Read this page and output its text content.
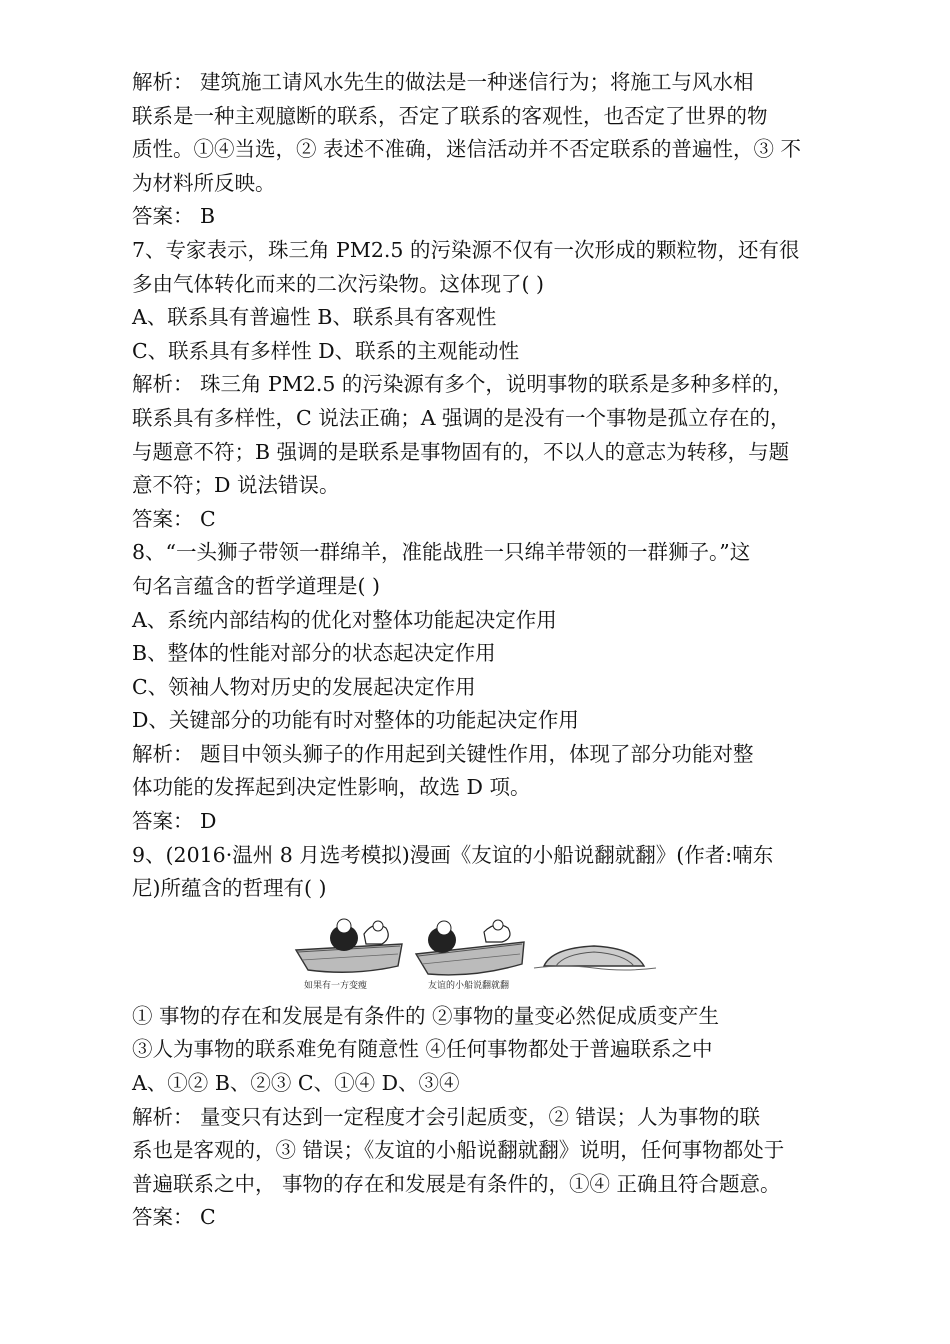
解析： 建筑施工请风水先生的做法是一种迷信行为；将施工与风水相
联系是一种主观臆断的联系，否定了联系的客观性，也否定了世界的物
质性。①④当选，② 表述不准确，迷信活动并不否定联系的普遍性，③ 不
为材料所反映。
答案： B
7、专家表示，珠三角 PM2.5 的污染源不仅有一次形成的颗粒物，还有很
多由气体转化而来的二次污染物。这体现了( )
A、联系具有普遍性 B、联系具有客观性
C、联系具有多样性 D、联系的主观能动性
解析： 珠三角 PM2.5 的污染源有多个，说明事物的联系是多种多样的，
联系具有多样性，C 说法正确；A 强调的是没有一个事物是孤立存在的，
与题意不符；B 强调的是联系是事物固有的，不以人的意志为转移，与题
意不符；D 说法错误。
答案： C
8、“一头狮子带领一群绵羊，准能战胜一只绵羊带领的一群狮子。”这
句名言蕴含的哲学道理是( )
A、系统内部结构的优化对整体功能起决定作用
B、整体的性能对部分的状态起决定作用
C、领袖人物对历史的发展起决定作用
D、关键部分的功能有时对整体的功能起决定作用
解析： 题目中领头狮子的作用起到关键性作用，体现了部分功能对整
体功能的发挥起到决定性影响，故选 D 项。
答案： D
9、(2016·温州 8 月选考模拟)漫画《友谊的小船说翻就翻》(作者:喃东
尼)所蕴含的哲理有( )
如果有一方变瘦	友谊的小船说翻就翻
① 事物的存在和发展是有条件的 ②事物的量变必然促成质变产生
③人为事物的联系难免有随意性 ④任何事物都处于普遍联系之中
A、①② B、②③ C、①④ D、③④
解析： 量变只有达到一定程度才会引起质变，② 错误；人为事物的联
系也是客观的，③ 错误；《友谊的小船说翻就翻》说明，任何事物都处于
普遍联系之中， 事物的存在和发展是有条件的，①④ 正确且符合题意。
答案： C
